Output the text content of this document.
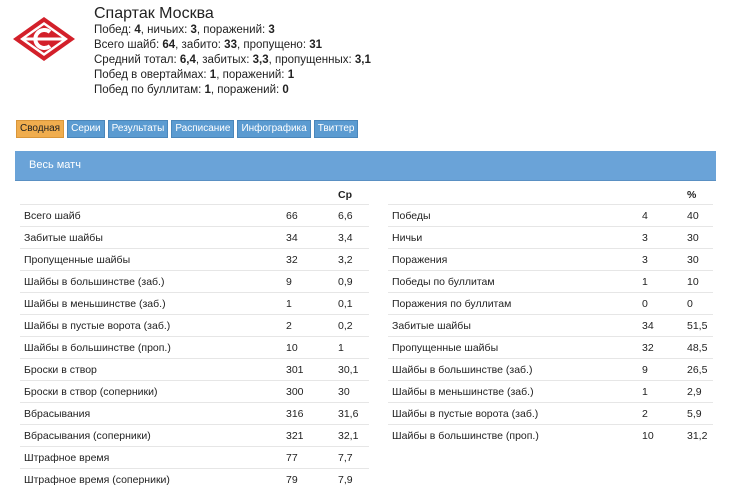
Спартак Москва
Побед: 4, ничьих: 3, поражений: 3
Всего шайб: 64, забито: 33, пропущено: 31
Средний тотал: 6,4, забитых: 3,3, пропущенных: 3,1
Побед в овертаймах: 1, поражений: 1
Побед по буллитам: 1, поражений: 0
Сводная	Серии	Результаты	Расписание	Инфографика	Твиттер
Весь матч
		Ср
Всего шайб	66	6,6
Забитые шайбы	34	3,4
Пропущенные шайбы	32	3,2
Шайбы в большинстве (заб.)	9	0,9
Шайбы в меньшинстве (заб.)	1	0,1
Шайбы в пустые ворота (заб.)	2	0,2
Шайбы в большинстве (проп.)	10	1
Броски в створ	301	30,1
Броски в створ (соперники)	300	30
Вбрасывания	316	31,6
Вбрасывания (соперники)	321	32,1
Штрафное время	77	7,7
Штрафное время (соперники)	79	7,9
		%
Победы	4	40
Ничьи	3	30
Поражения	3	30
Победы по буллитам	1	10
Поражения по буллитам	0	0
Забитые шайбы	34	51,5
Пропущенные шайбы	32	48,5
Шайбы в большинстве (заб.)	9	26,5
Шайбы в меньшинстве (заб.)	1	2,9
Шайбы в пустые ворота (заб.)	2	5,9
Шайбы в большинстве (проп.)	10	31,2
